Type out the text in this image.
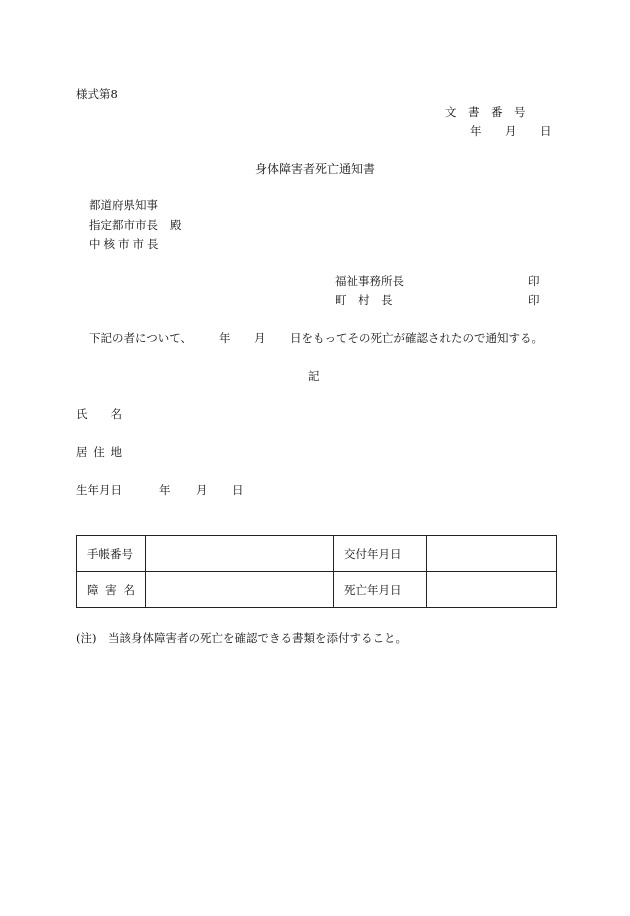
様式第8
文　書　番　号
年 月 日
身体障害者死亡通知書
都道府県知事
指定都市市長 殿
中核市市長
福祉事務所長	印
町　村　長	印
下記の者について、 年 月 日をもってその死亡が確認されたので通知する。
記
氏名
居住地
生年月日	年 月 日
手帳番号		交付年月日	
障害名		死亡年月日	
(注)　当該身体障害者の死亡を確認できる書類を添付すること。
